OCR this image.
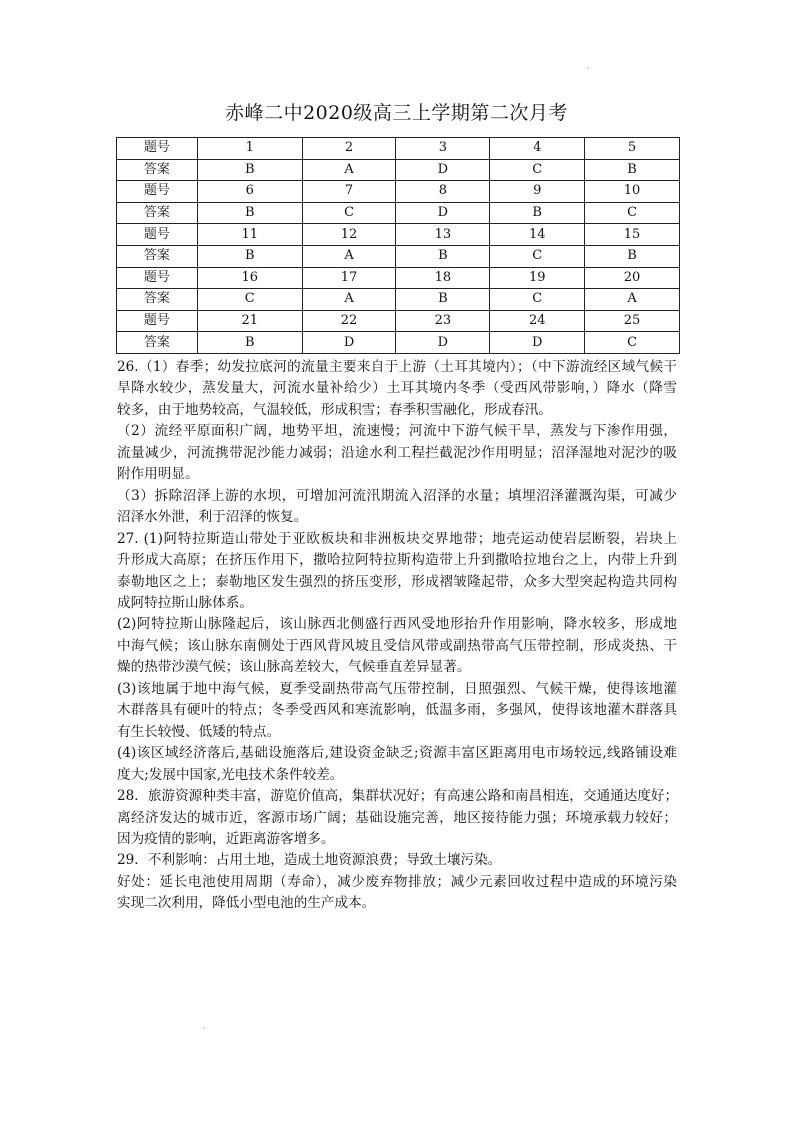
赤峰二中2020级高三上学期第二次月考
题号	1	2	3	4	5
答案	B	A	D	C	B
题号	6	7	8	9	10
答案	B	C	D	B	C
题号	11	12	13	14	15
答案	B	A	B	C	B
题号	16	17	18	19	20
答案	C	A	B	C	A
题号	21	22	23	24	25
答案	B	D	D	D	C
26.（1）春季；幼发拉底河的流量主要来自于上游（土耳其境内）；（中下游流经区域气候干
旱降水较少，蒸发量大，河流水量补给少）土耳其境内冬季（受西风带影响，）降水（降雪
较多，由于地势较高，气温较低，形成积雪；春季积雪融化，形成春汛。
（2）流经平原面积广阔，地势平坦，流速慢；河流中下游气候干旱，蒸发与下渗作用强，
流量减少，河流携带泥沙能力减弱；沿途水利工程拦截泥沙作用明显；沼泽湿地对泥沙的吸
附作用明显。
（3）拆除沼泽上游的水坝，可增加河流汛期流入沼泽的水量；填埋沼泽灌溉沟渠，可减少
沼泽水外泄，利于沼泽的恢复。
27. (1)阿特拉斯造山带处于亚欧板块和非洲板块交界地带；地壳运动使岩层断裂，岩块上
升形成大高原；在挤压作用下，撒哈拉阿特拉斯构造带上升到撒哈拉地台之上，内带上升到
泰勒地区之上；泰勒地区发生强烈的挤压变形，形成褶皱隆起带，众多大型突起构造共同构
成阿特拉斯山脉体系。
(2)阿特拉斯山脉隆起后，该山脉西北侧盛行西风受地形抬升作用影响，降水较多，形成地
中海气候；该山脉东南侧处于西风背风坡且受信风带或副热带高气压带控制，形成炎热、干
燥的热带沙漠气候；该山脉高差较大，气候垂直差异显著。
(3)该地属于地中海气候，夏季受副热带高气压带控制，日照强烈、气候干燥，使得该地灌
木群落具有硬叶的特点；冬季受西风和寒流影响，低温多雨，多强风，使得该地灌木群落具
有生长较慢、低矮的特点。
(4)该区域经济落后,基础设施落后,建设资金缺乏;资源丰富区距离用电市场较远,线路铺设难
度大;发展中国家,光电技术条件较差。
28．旅游资源种类丰富，游览价值高，集群状况好；有高速公路和南昌相连，交通通达度好；
离经济发达的城市近，客源市场广阔；基础设施完善，地区接待能力强；环境承载力较好；
因为疫情的影响，近距离游客增多。
29．不利影响：占用土地，造成土地资源浪费；导致土壤污染。
好处：延长电池使用周期（寿命），减少废弃物排放；减少元素回收过程中造成的环境污染
实现二次利用，降低小型电池的生产成本。
